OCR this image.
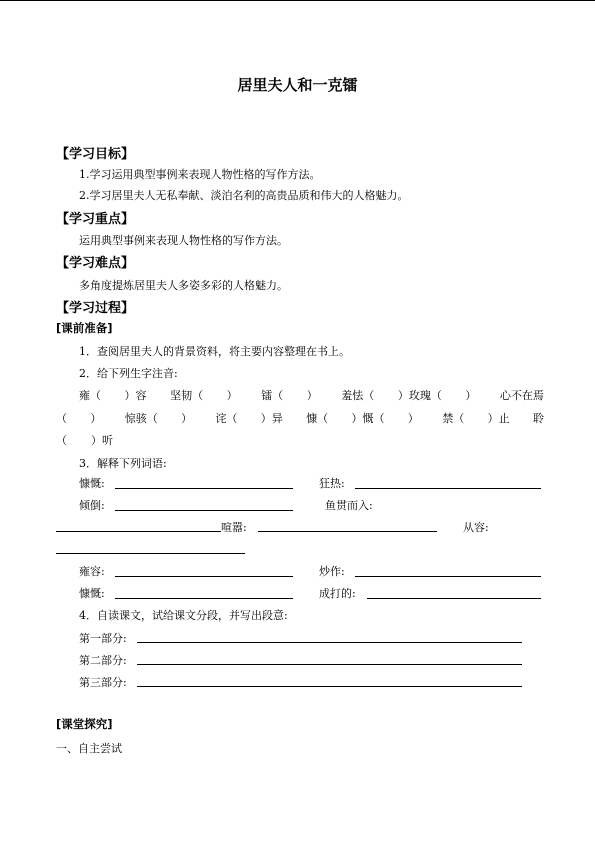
居里夫人和一克镭
【学习目标】
1.学习运用典型事例来表现人物性格的写作方法。
2.学习居里夫人无私奉献、淡泊名利的高贵品质和伟大的人格魅力。
【学习重点】
运用典型事例来表现人物性格的写作方法。
【学习难点】
多角度提炼居里夫人多姿多彩的人格魅力。
【学习过程】
[课前准备]
1．查阅居里夫人的背景资料，将主要内容整理在书上。
2．给下列生字注音:
雍（ ）容 坚韧（ ） 镭（ ） 羞怯（ ）玫瑰（ ） 心不在焉
（ ） 惊骇（ ） 诧（ ）异 慷（ ）慨（ ） 禁（ ）止 聆
（ ）听
3．解释下列词语:
慷慨:	狂热:
倾倒:	鱼贯而入:
喧嚣:	从容:
雍容:	炒作:
慷慨:	成打的:
4．自读课文，试给课文分段，并写出段意:
第一部分:
第二部分:
第三部分:
[课堂探究]
一、自主尝试
